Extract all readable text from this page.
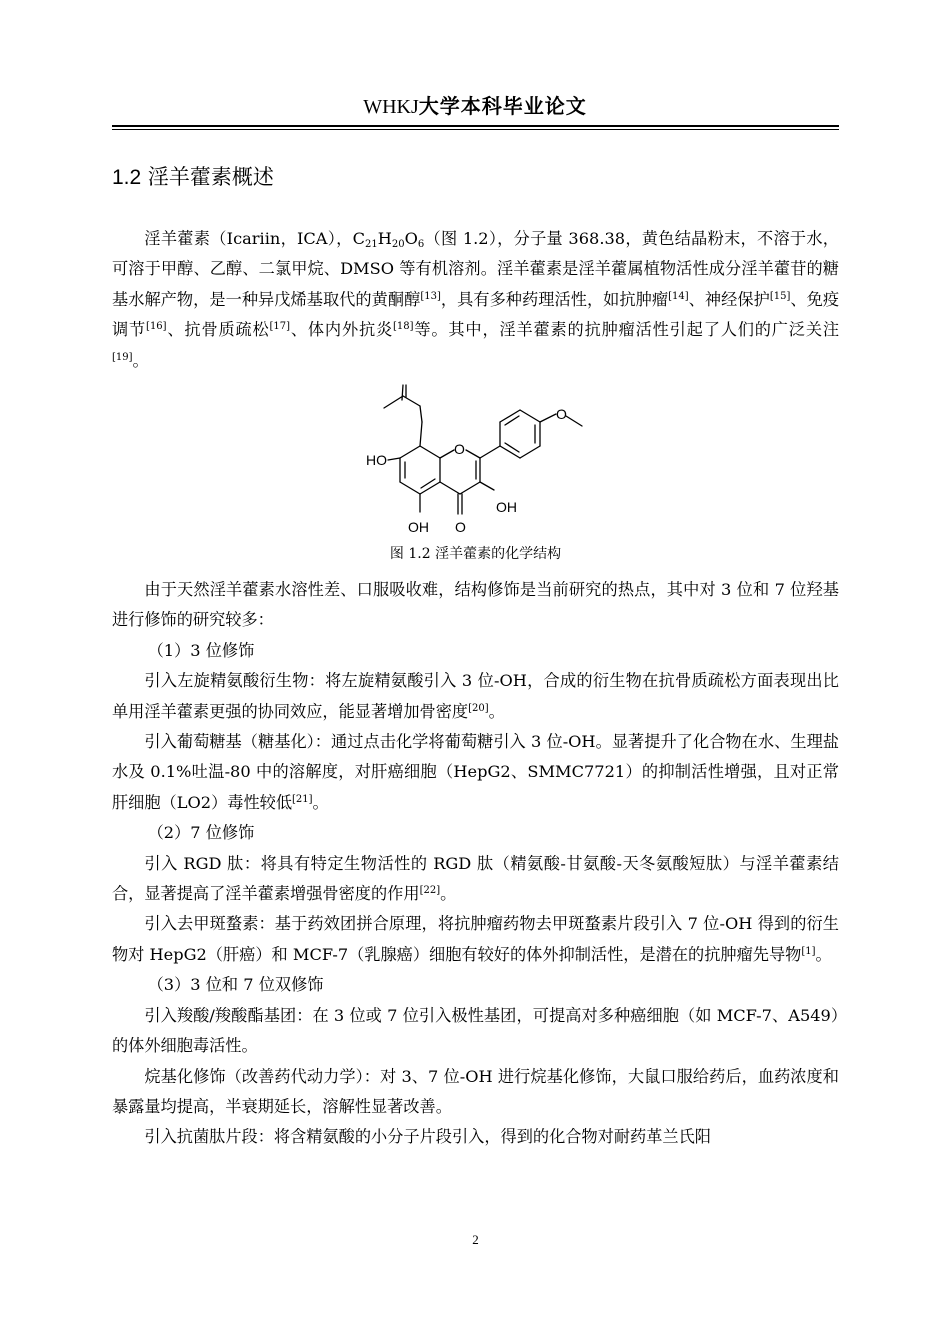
WHKJ大学本科毕业论文
1.2 淫羊藿素概述

淫羊藿素（Icariin，ICA），$C_{21}H_{20}O_6$（图 1.2），分子量 368.38，黄色结晶粉末，不溶于水，可溶于甲醇、乙醇、二氯甲烷、DMSO 等有机溶剂。淫羊藿素是淫羊藿属植物活性成分淫羊藿苷的糖基水解产物，是一种异戊烯基取代的黄酮醇[13]，具有多种药理活性，如抗肿瘤[14]、神经保护[15]、免疫调节[16]、抗骨质疏松[17]、体内外抗炎[18]等。其中，淫羊藿素的抗肿瘤活性引起了人们的广泛关注[19]。

HO
O
OH
OH O
O
图 1.2 淫羊藿素的化学结构

由于天然淫羊藿素水溶性差、口服吸收难，结构修饰是当前研究的热点，其中对 3 位和 7 位羟基进行修饰的研究较多：

（1）3 位修饰

引入左旋精氨酸衍生物：将左旋精氨酸引入 3 位-OH，合成的衍生物在抗骨质疏松方面表现出比单用淫羊藿素更强的协同效应，能显著增加骨密度[20]。

引入葡萄糖基（糖基化）：通过点击化学将葡萄糖引入 3 位-OH。显著提升了化合物在水、生理盐水及 0.1%吐温-80 中的溶解度，对肝癌细胞（HepG2、SMMC7721）的抑制活性增强，且对正常肝细胞（LO2）毒性较低[21]。

（2）7 位修饰

引入 RGD 肽：将具有特定生物活性的 RGD 肽（精氨酸-甘氨酸-天冬氨酸短肽）与淫羊藿素结合，显著提高了淫羊藿素增强骨密度的作用[22]。

引入去甲斑蝥素：基于药效团拼合原理，将抗肿瘤药物去甲斑蝥素片段引入 7 位-OH 得到的衍生物对 HepG2（肝癌）和 MCF-7（乳腺癌）细胞有较好的体外抑制活性，是潜在的抗肿瘤先导物[1]。

（3）3 位和 7 位双修饰

引入羧酸/羧酸酯基团：在 3 位或 7 位引入极性基团，可提高对多种癌细胞（如 MCF-7、A549）的体外细胞毒活性。

烷基化修饰（改善药代动力学）：对 3、7 位-OH 进行烷基化修饰，大鼠口服给药后，血药浓度和暴露量均提高，半衰期延长，溶解性显著改善。

引入抗菌肽片段：将含精氨酸的小分子片段引入，得到的化合物对耐药革兰氏阳

2
